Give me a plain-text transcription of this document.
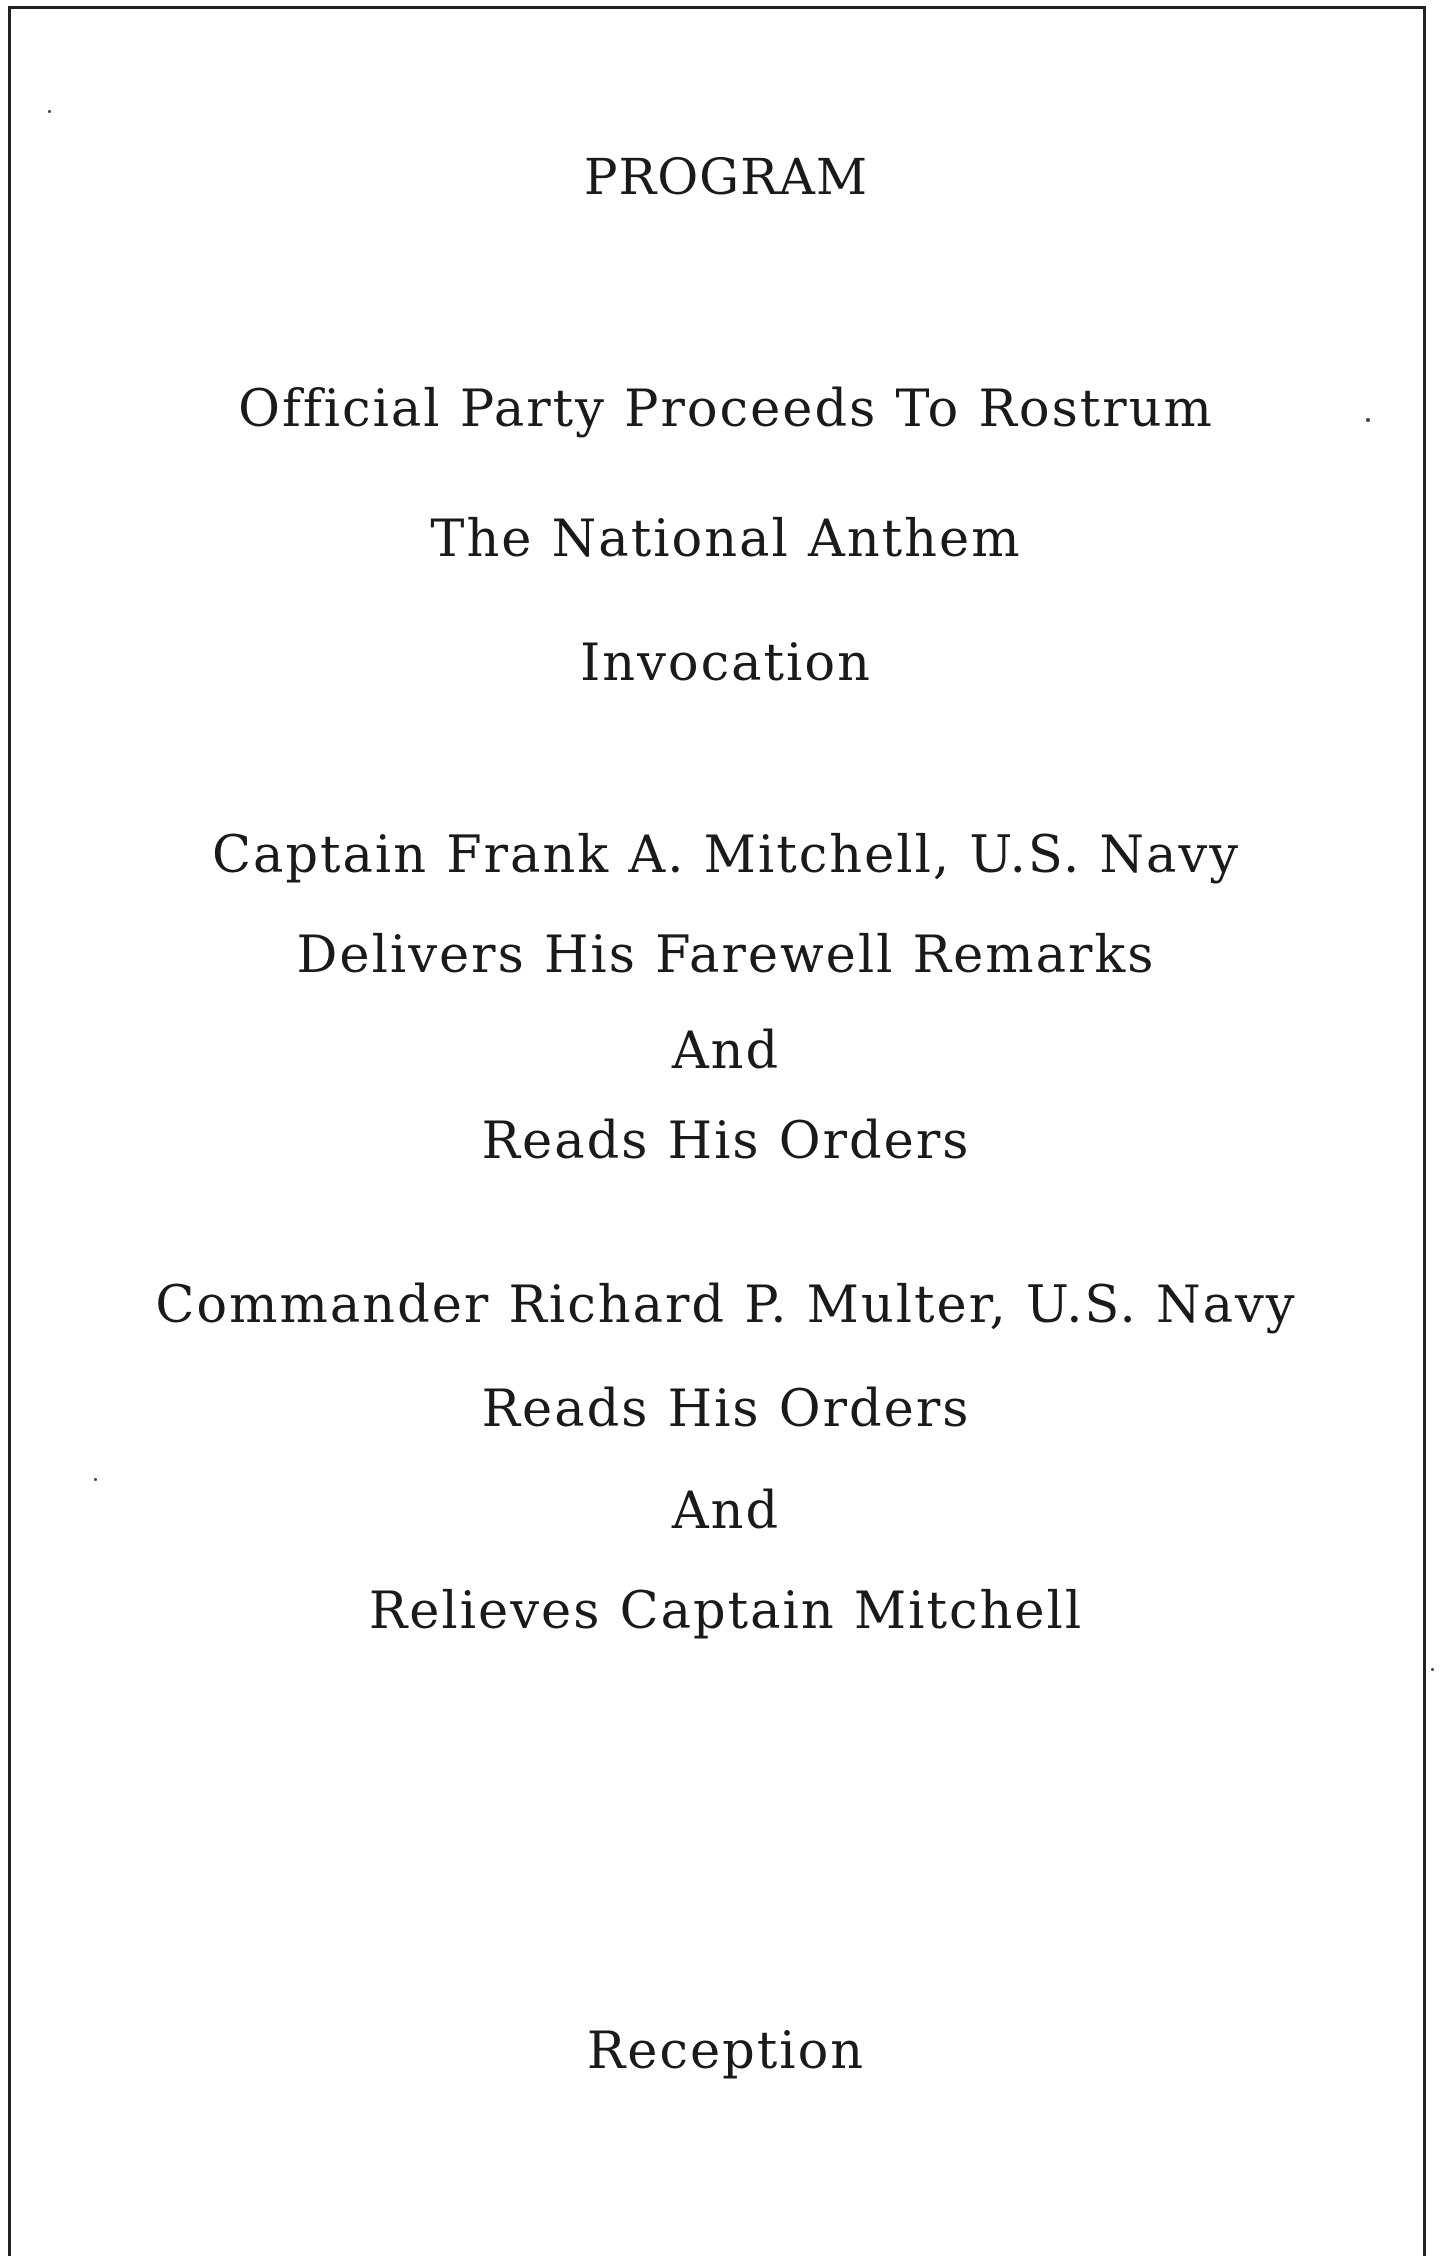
PROGRAM
Official Party Proceeds To Rostrum
The National Anthem
Invocation
Captain Frank A. Mitchell, U.S. Navy
Delivers His Farewell Remarks
And
Reads His Orders
Commander Richard P. Multer, U.S. Navy
Reads His Orders
And
Relieves Captain Mitchell
Reception
